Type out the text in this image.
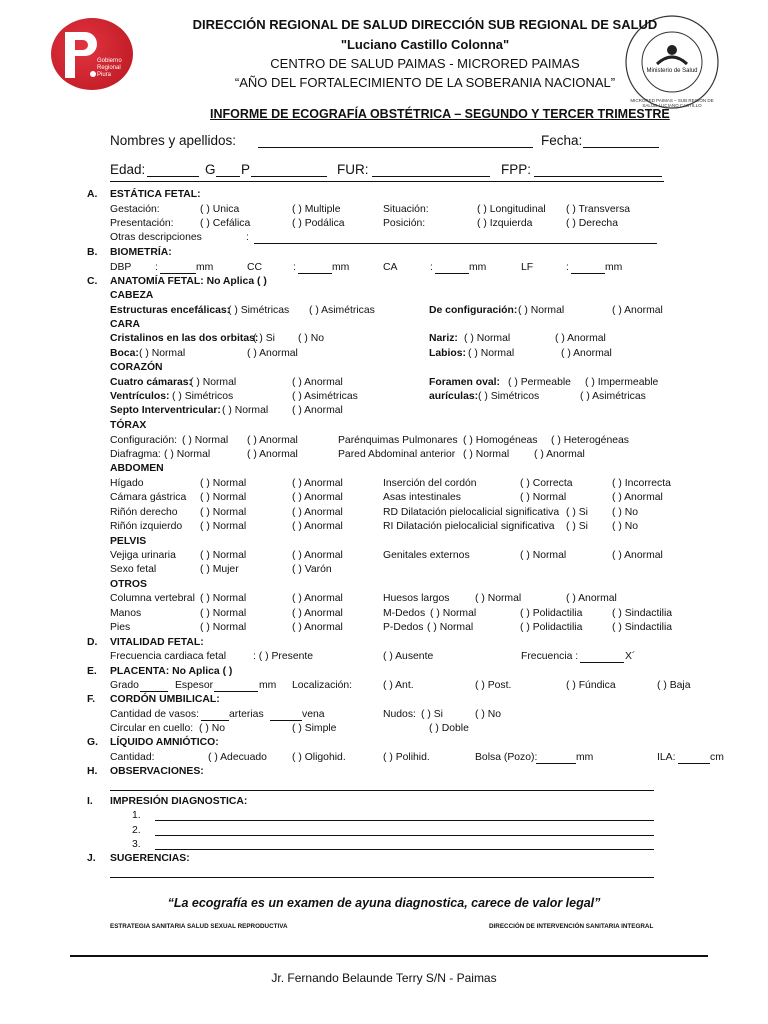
Gobierno Regional Piura
Ministerio de Salud
MICRORED PAIMAS – SUB REGION DE SALUD LUCIANO CASTILLO
DIRECCIÓN REGIONAL DE SALUD DIRECCIÓN SUB REGIONAL DE SALUD
"Luciano Castillo Colonna"
CENTRO DE SALUD PAIMAS - MICRORED PAIMAS
“AÑO DEL FORTALECIMIENTO DE LA SOBERANIA NACIONAL”
INFORME DE ECOGRAFÍA OBSTÉTRICA – SEGUNDO Y TERCER TRIMESTRE
Nombres y apellidos:	Fecha:
Edad:	G P	FUR:	FPP:
A. ESTÁTICA FETAL:
Gestación:	( ) Unica	( ) Multiple	Situación:	( ) Longitudinal ( ) Transversa
Presentación:	( ) Cefálica	( ) Podálica	Posición:	( ) Izquierda	( ) Derecha
Otras descripciones	:
B. BIOMETRÍA:
DBP :	mm	CC	:	mm	CA	:	mm	LF	:	mm
C. ANATOMÍA FETAL: No Aplica ( )
CABEZA
Estructuras encefálicas:
( ) Simétricas ( ) Asimétricas	De configuración: ( ) Normal	( ) Anormal
CARA
Cristalinos en las dos orbitas:
( ) Si ( ) No	Nariz: ( ) Normal	( ) Anormal
Boca: ( ) Normal	( ) Anormal	Labios: ( ) Normal	( ) Anormal
CORAZÓN
Cuatro cámaras:
( ) Normal	( ) Anormal	Foramen oval: ( ) Permeable ( ) Impermeable
Ventrículos: ( ) Simétricos	( ) Asimétricas	aurículas: ( ) Simétricos	( ) Asimétricas
Septo Interventricular: ( ) Normal ( ) Anormal
TÓRAX
Configuración: ( ) Normal ( ) Anormal	Parénquimas Pulmonares ( ) Homogéneas ( ) Heterogéneas
Diafragma: ( ) Normal	( ) Anormal	Pared Abdominal anterior ( ) Normal ( ) Anormal
ABDOMEN
Hígado	( ) Normal	( ) Anormal	Inserción del cordón	( ) Correcta	( ) Incorrecta
Cámara gástrica ( ) Normal	( ) Anormal	Asas intestinales	( ) Normal	( ) Anormal
Riñón derecho ( ) Normal	( ) Anormal	RD Dilatación pielocalicial significativa ( ) Si ( ) No
Riñón izquierdo ( ) Normal	( ) Anormal	RI Dilatación pielocalicial significativa ( ) Si ( ) No
PELVIS
Vejiga urinaria ( ) Normal	( ) Anormal	Genitales externos	( ) Normal	( ) Anormal
Sexo fetal	( ) Mujer	( ) Varón
OTROS
Columna vertebral ( ) Normal	( ) Anormal	Huesos largos ( ) Normal	( ) Anormal
Manos	( ) Normal	( ) Anormal	M-Dedos ( ) Normal	( ) Polidactilia	( ) Sindactilia
Pies	( ) Normal	( ) Anormal	P-Dedos ( ) Normal	( ) Polidactilia	( ) Sindactilia
D. VITALIDAD FETAL:
Frecuencia cardiaca fetal	: ( ) Presente	( ) Ausente	Frecuencia :	X´
E. PLACENTA: No Aplica ( )
Grado	Espesor	mm Localización:	( ) Ant.	( ) Post.	( ) Fúndica	( ) Baja
F. CORDÓN UMBILICAL:
Cantidad de vasos:	arterias	vena	Nudos: ( ) Si	( ) No
Circular en cuello: ( ) No	( ) Simple	( ) Doble
G. LÍQUIDO AMNIÓTICO:
Cantidad:	( ) Adecuado ( ) Oligohid.	( ) Polihid.	Bolsa (Pozo):	mm	ILA:	cm
H. OBSERVACIONES:
I. IMPRESIÓN DIAGNOSTICA:
1.
2.
3.
J. SUGERENCIAS:
“La ecografía es un examen de ayuna diagnostica, carece de valor legal”
ESTRATEGIA SANITARIA SALUD SEXUAL REPRODUCTIVA	DIRECCIÓN DE INTERVENCIÓN SANITARIA INTEGRAL
Jr. Fernando Belaunde Terry S/N - Paimas
